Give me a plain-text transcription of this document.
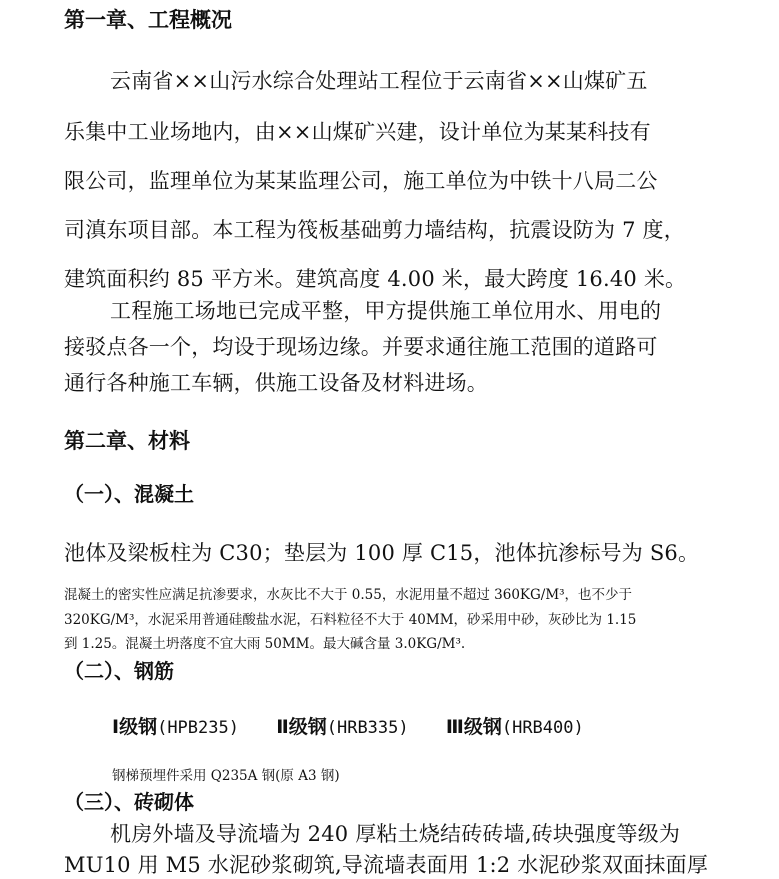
第一章、工程概况
云南省××山污水综合处理站工程位于云南省××山煤矿五
乐集中工业场地内，由××山煤矿兴建，设计单位为某某科技有
限公司，监理单位为某某监理公司，施工单位为中铁十八局二公
司滇东项目部。本工程为筏板基础剪力墙结构，抗震设防为 7 度，
建筑面积约 85 平方米。建筑高度 4.00 米，最大跨度 16.40 米。
工程施工场地已完成平整，甲方提供施工单位用水、用电的
接驳点各一个，均设于现场边缘。并要求通往施工范围的道路可
通行各种施工车辆，供施工设备及材料进场。
第二章、材料
（一）、混凝土
池体及梁板柱为 C30；垫层为 100 厚 C15，池体抗渗标号为 S6。
混凝土的密实性应满足抗渗要求，水灰比不大于 0.55，水泥用量不超过 360KG/M³，也不少于
320KG/M³，水泥采用普通硅酸盐水泥，石料粒径不大于 40MM，砂采用中砂，灰砂比为 1.15
到 1.25。混凝土坍落度不宜大雨 50MM。最大碱含量 3.0KG/M³.
（二）、钢筋
Ⅰ级钢(HPB235) Ⅱ级钢(HRB335) Ⅲ级钢(HRB400)
钢梯预埋件采用 Q235A 钢(原 A3 钢)
（三）、砖砌体
机房外墙及导流墙为 240 厚粘土烧结砖砖墙,砖块强度等级为
MU10 用 M5 水泥砂浆砌筑,导流墙表面用 1:2 水泥砂浆双面抹面厚
